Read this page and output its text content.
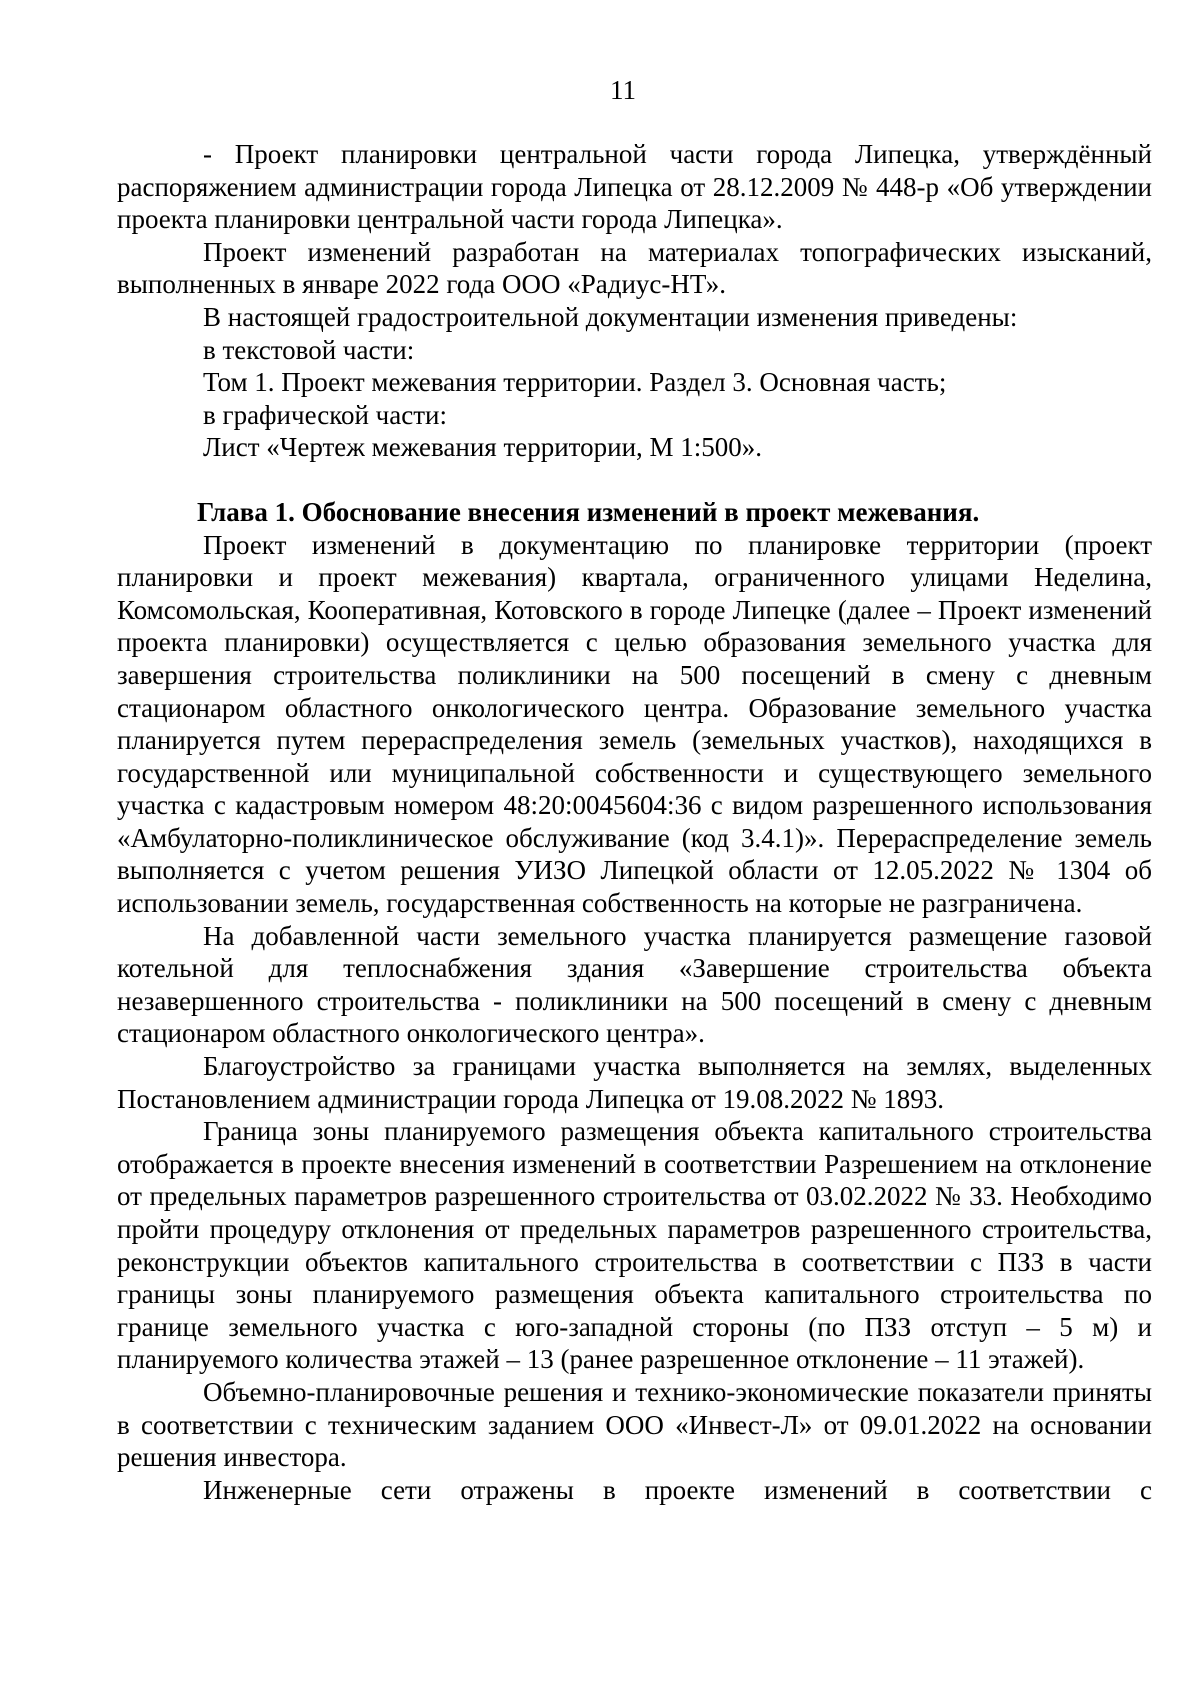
11

- Проект планировки центральной части города Липецка, утверждённый распоряжением администрации города Липецка от 28.12.2009 № 448-р «Об утверждении проекта планировки центральной части города Липецка».

Проект изменений разработан на материалах топографических изысканий, выполненных в январе 2022 года ООО «Радиус-НТ».

В настоящей градостроительной документации изменения приведены:

в текстовой части:

Том 1. Проект межевания территории. Раздел 3. Основная часть;

в графической части:

Лист «Чертеж межевания территории, М 1:500».

Глава 1. Обоснование внесения изменений в проект межевания.

Проект изменений в документацию по планировке территории (проект планировки и проект межевания) квартала, ограниченного улицами Неделина, Комсомольская, Кооперативная, Котовского в городе Липецке (далее – Проект изменений проекта планировки) осуществляется с целью образования земельного участка для завершения строительства поликлиники на 500 посещений в смену с дневным стационаром областного онкологического центра. Образование земельного участка планируется путем перераспределения земель (земельных участков), находящихся в государственной или муниципальной собственности и существующего земельного участка с кадастровым номером 48:20:0045604:36 с видом разрешенного использования «Амбулаторно-поликлиническое обслуживание (код 3.4.1)». Перераспределение земель выполняется с учетом решения УИЗО Липецкой области от 12.05.2022 № 1304 об использовании земель, государственная собственность на которые не разграничена.

На добавленной части земельного участка планируется размещение газовой котельной для теплоснабжения здания «Завершение строительства объекта незавершенного строительства - поликлиники на 500 посещений в смену с дневным стационаром областного онкологического центра».

Благоустройство за границами участка выполняется на землях, выделенных Постановлением администрации города Липецка от 19.08.2022 № 1893.

Граница зоны планируемого размещения объекта капитального строительства отображается в проекте внесения изменений в соответствии Разрешением на отклонение от предельных параметров разрешенного строительства от 03.02.2022 № 33. Необходимо пройти процедуру отклонения от предельных параметров разрешенного строительства, реконструкции объектов капитального строительства в соответствии с ПЗЗ в части границы зоны планируемого размещения объекта капитального строительства по границе земельного участка с юго-западной стороны (по ПЗЗ отступ – 5 м) и планируемого количества этажей – 13 (ранее разрешенное отклонение – 11 этажей).

Объемно-планировочные решения и технико-экономические показатели приняты в соответствии с техническим заданием ООО «Инвест-Л» от 09.01.2022 на основании решения инвестора.

Инженерные сети отражены в проекте изменений в соответствии с
